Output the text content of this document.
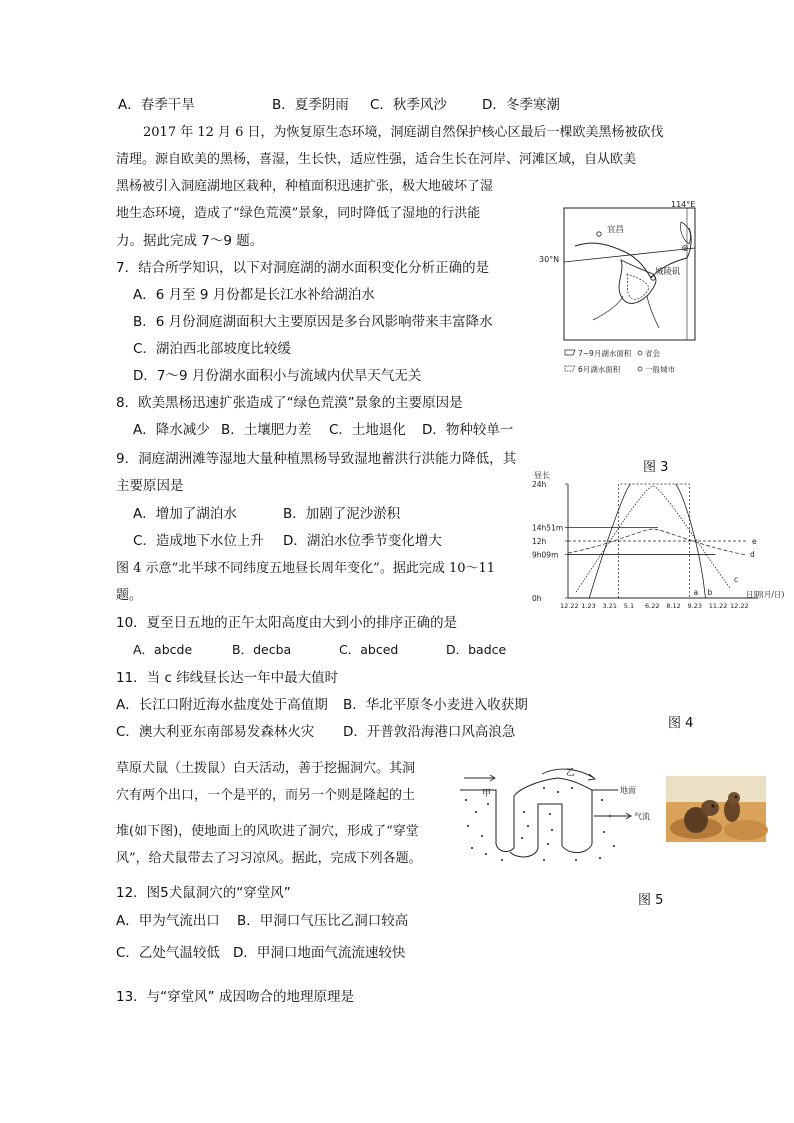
A．春季干旱	B．夏季阴雨 C．秋季风沙	D．冬季寒潮
2017 年 12 月 6 日，为恢复原生态环境，洞庭湖自然保护核心区最后一棵欧美黑杨被砍伐
清理。源自欧美的黑杨，喜湿，生长快，适应性强，适合生长在河岸、河滩区域，自从欧美
黑杨被引入洞庭湖地区栽种，种植面积迅速扩张，极大地破坏了湿
地生态环境，造成了“绿色荒漠”景象，同时降低了湿地的行洪能
力。据此完成 7～9 题。
7．结合所学知识，以下对洞庭湖的湖水面积变化分析正确的是
A．6 月至 9 月份都是长江水补给湖泊水
B．6 月份洞庭湖面积大主要原因是多台风影响带来丰富降水
C．湖泊西北部坡度比较缓
D．7～9 月份湖水面积小与流域内伏旱天气无关
8．欧美黑杨迅速扩张造成了“绿色荒漠”景象的主要原因是
A．降水减少 B．土壤肥力差 C．土地退化 D．物种较单一
9．洞庭湖洲滩等湿地大量种植黑杨导致湿地蓄洪行洪能力降低，其
主要原因是
A．增加了湖泊水	B．加剧了泥沙淤积
C．造成地下水位上升 D．湖泊水位季节变化增大
图 4 示意“北半球不同纬度五地昼长周年变化”。据此完成 10～11
题。
10．夏至日五地的正午太阳高度由大到小的排序正确的是
A．abcde	B．decba	C．abced	D．badce
11．当 c 纬线昼长达一年中最大值时
A．长江口附近海水盐度处于高值期 B．华北平原冬小麦进入收获期
C．澳大利亚东南部易发森林火灾 D．开普敦沿海港口风高浪急
草原犬鼠（土拨鼠）白天活动，善于挖掘洞穴。其洞
穴有两个出口，一个是平的，而另一个则是隆起的土
堆(如下图)，使地面上的风吹进了洞穴，形成了“穿堂
风”，给犬鼠带去了习习凉风。据此，完成下列各题。
12．图5犬鼠洞穴的“穿堂风”
A．甲为气流出口 B．甲洞口气压比乙洞口较高
C．乙处气温较低 D．甲洞口地面气流流速较快
13．与“穿堂风” 成因吻合的地理原理是
114°E
30°N
宜昌
城陵矶
7~9月湖水面积 省会
6月湖水面积	一般城市
图 3
0h
9h09m
12h
14h51m
24h
12.22 1.23 3.21 5.1 6.22 8.12 9.23 11.22 12.22
a b
c
d
e
昼长
日期(月/日)
图 4
甲
乙
地面
气流
图 5
